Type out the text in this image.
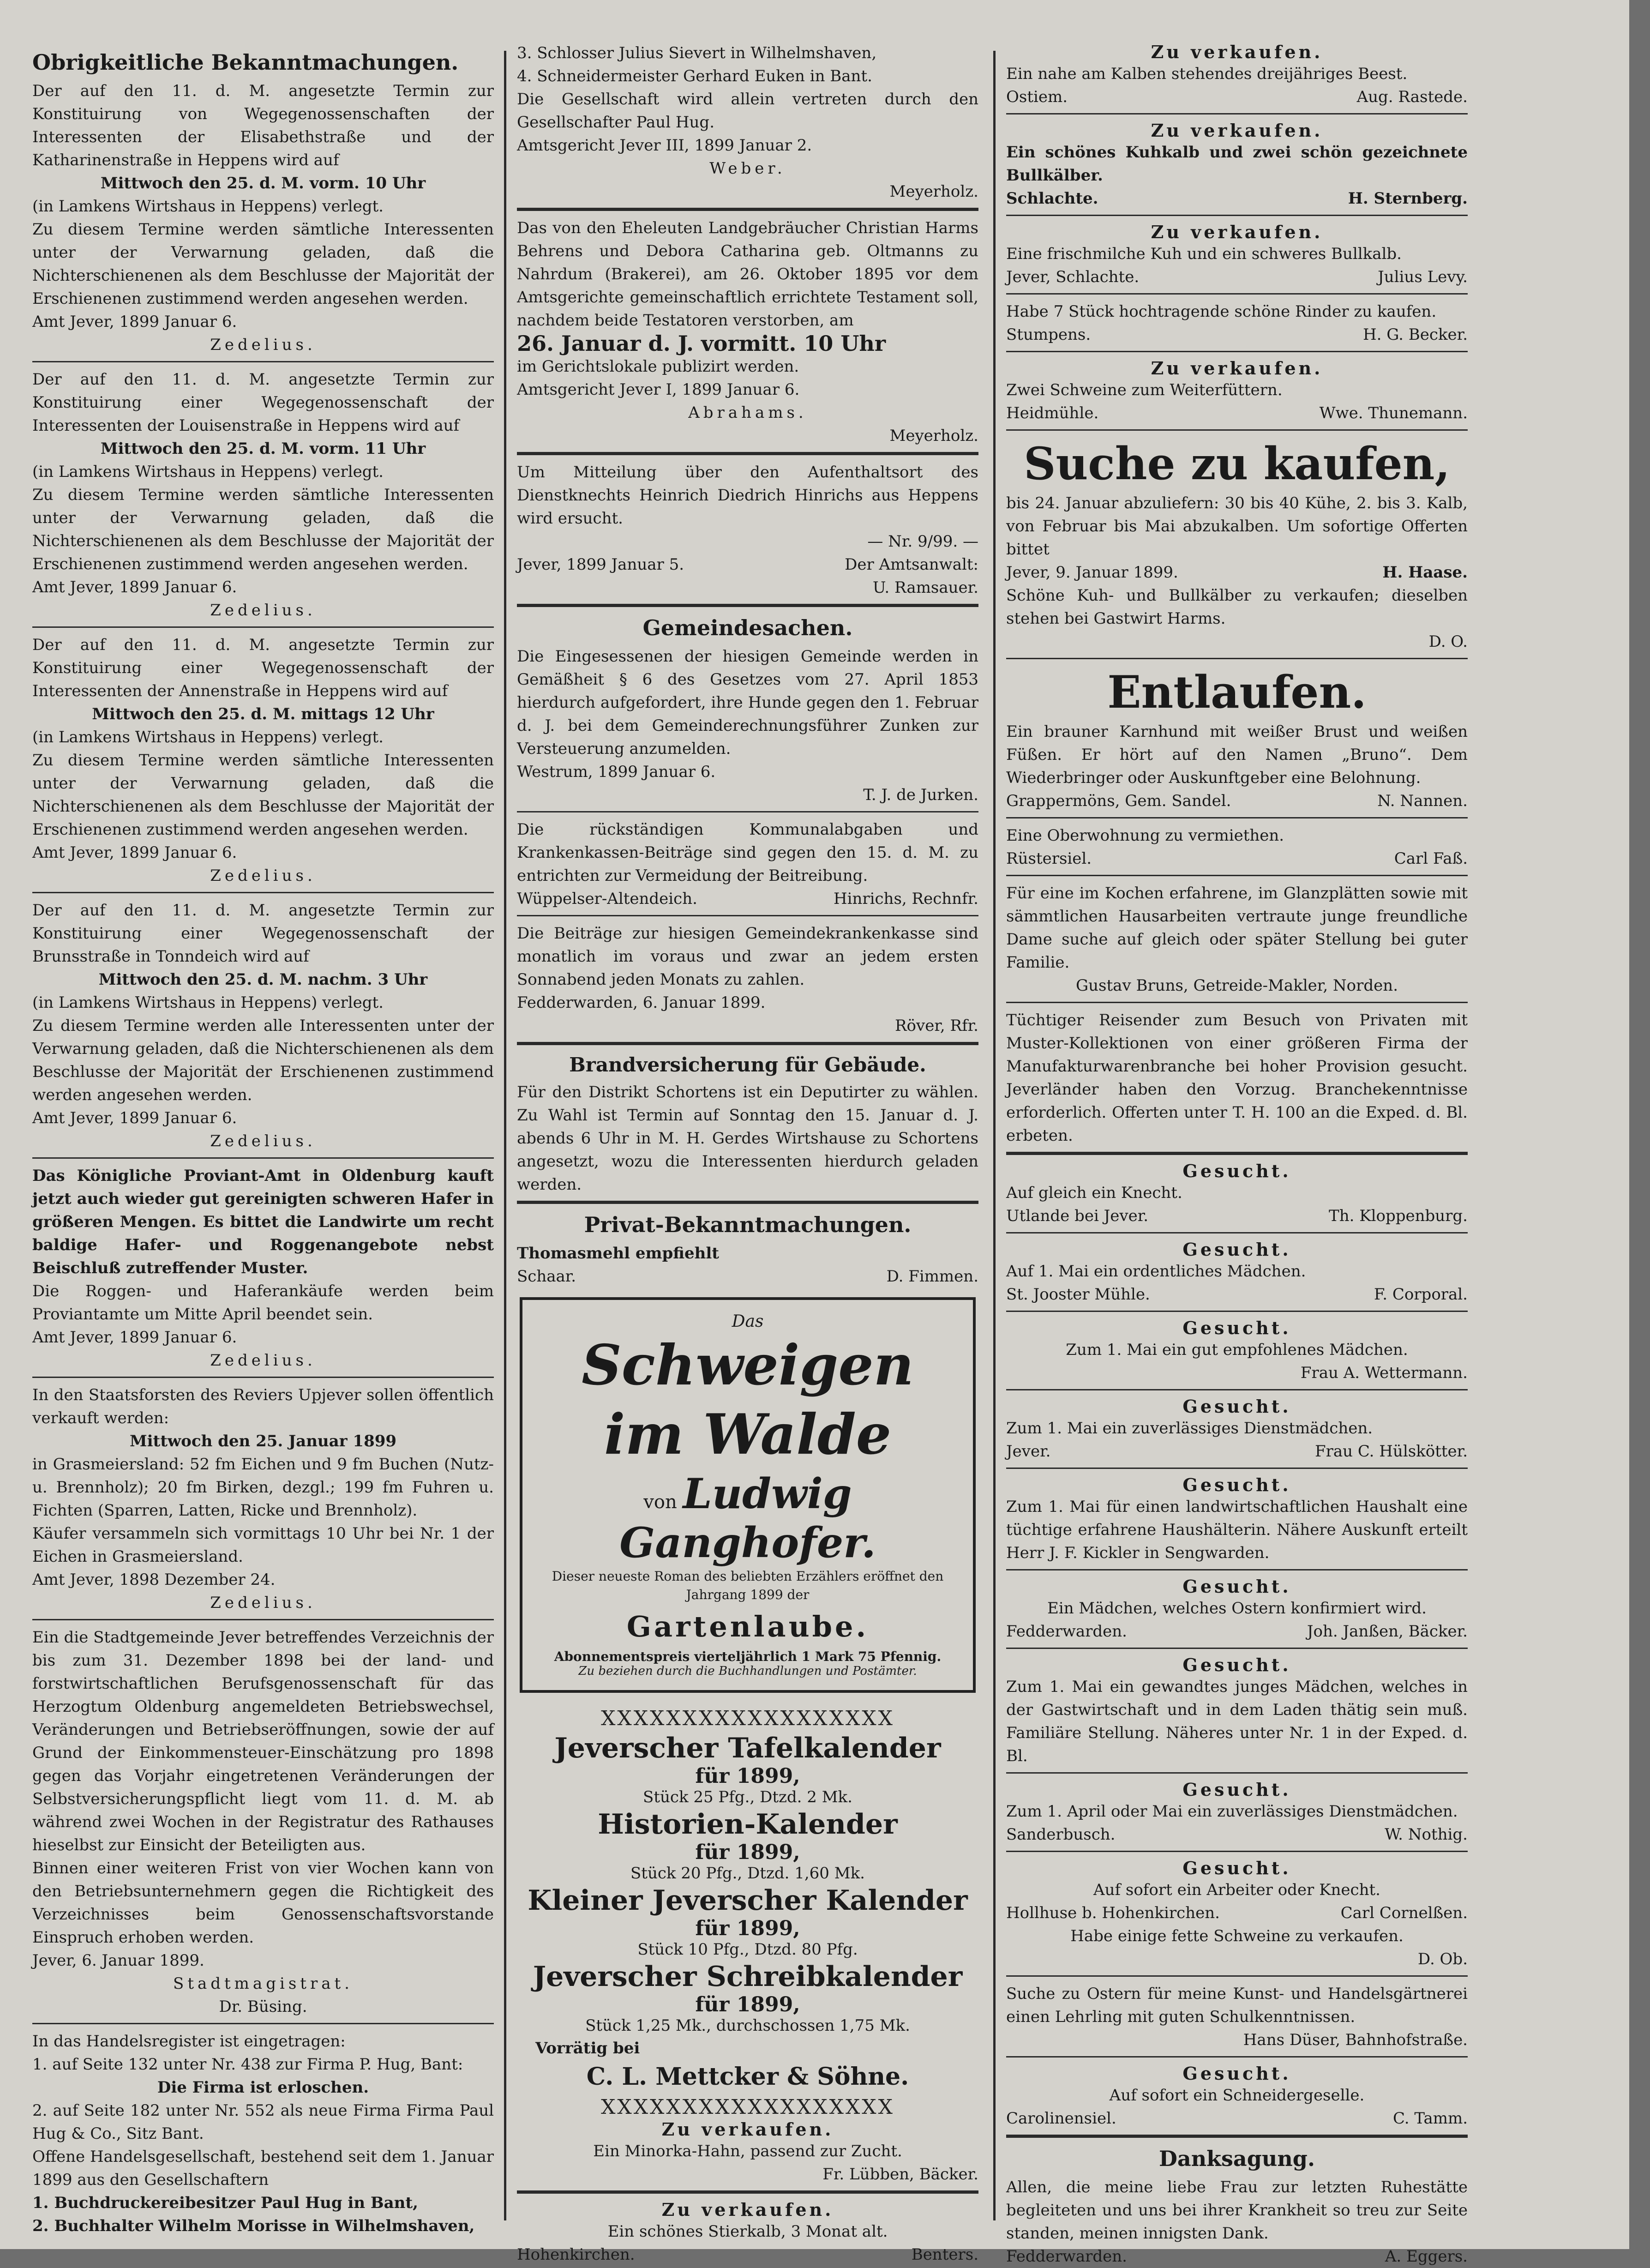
Obrigkeitliche Bekanntmachungen.

Der auf den 11. d. M. angesetzte Termin zur Konstituirung von Wegegenossenschaften der Interessenten der Elisabethstraße und der Katharinenstraße in Heppens wird auf

Mittwoch den 25. d. M. vorm. 10 Uhr

(in Lamkens Wirtshaus in Heppens) verlegt.

Zu diesem Termine werden sämtliche Interessenten unter der Verwarnung geladen, daß die Nichterschienenen als dem Beschlusse der Majorität der Erschienenen zustimmend werden angesehen werden.

Amt Jever, 1899 Januar 6.

Zedelius.

Der auf den 11. d. M. angesetzte Termin zur Konstituirung einer Wegegenossenschaft der Interessenten der Louisenstraße in Heppens wird auf

Mittwoch den 25. d. M. vorm. 11 Uhr

(in Lamkens Wirtshaus in Heppens) verlegt.

Zu diesem Termine werden sämtliche Interessenten unter der Verwarnung geladen, daß die Nichterschienenen als dem Beschlusse der Majorität der Erschienenen zustimmend werden angesehen werden.

Amt Jever, 1899 Januar 6.

Zedelius.

Der auf den 11. d. M. angesetzte Termin zur Konstituirung einer Wegegenossenschaft der Interessenten der Annenstraße in Heppens wird auf

Mittwoch den 25. d. M. mittags 12 Uhr

(in Lamkens Wirtshaus in Heppens) verlegt.

Zu diesem Termine werden sämtliche Interessenten unter der Verwarnung geladen, daß die Nichterschienenen als dem Beschlusse der Majorität der Erschienenen zustimmend werden angesehen werden.

Amt Jever, 1899 Januar 6.

Zedelius.

Der auf den 11. d. M. angesetzte Termin zur Konstituirung einer Wegegenossenschaft der Brunsstraße in Tonndeich wird auf

Mittwoch den 25. d. M. nachm. 3 Uhr

(in Lamkens Wirtshaus in Heppens) verlegt.

Zu diesem Termine werden alle Interessenten unter der Verwarnung geladen, daß die Nichterschienenen als dem Beschlusse der Majorität der Erschienenen zustimmend werden angesehen werden.

Amt Jever, 1899 Januar 6.

Zedelius.

Das Königliche Proviant-Amt in Oldenburg kauft jetzt auch wieder gut gereinigten schweren Hafer in größeren Mengen. Es bittet die Landwirte um recht baldige Hafer- und Roggenangebote nebst Beischluß zutreffender Muster.

Die Roggen- und Haferankäufe werden beim Proviantamte um Mitte April beendet sein.

Amt Jever, 1899 Januar 6.

Zedelius.

In den Staatsforsten des Reviers Upjever sollen öffentlich verkauft werden:

Mittwoch den 25. Januar 1899

in Grasmeiersland: 52 fm Eichen und 9 fm Buchen (Nutz- u. Brennholz); 20 fm Birken, dezgl.; 199 fm Fuhren u. Fichten (Sparren, Latten, Ricke und Brennholz).

Käufer versammeln sich vormittags 10 Uhr bei Nr. 1 der Eichen in Grasmeiersland.

Amt Jever, 1898 Dezember 24.

Zedelius.

Ein die Stadtgemeinde Jever betreffendes Verzeichnis der bis zum 31. Dezember 1898 bei der land- und forstwirtschaftlichen Berufsgenossenschaft für das Herzogtum Oldenburg angemeldeten Betriebswechsel, Veränderungen und Betriebseröffnungen, sowie der auf Grund der Einkommensteuer-Einschätzung pro 1898 gegen das Vorjahr eingetretenen Veränderungen der Selbstversicherungspflicht liegt vom 11. d. M. ab während zwei Wochen in der Registratur des Rathauses hieselbst zur Einsicht der Beteiligten aus.

Binnen einer weiteren Frist von vier Wochen kann von den Betriebsunternehmern gegen die Richtigkeit des Verzeichnisses beim Genossenschaftsvorstande Einspruch erhoben werden.

Jever, 6. Januar 1899.

Stadtmagistrat.

Dr. Büsing.

In das Handelsregister ist eingetragen:

1. auf Seite 132 unter Nr. 438 zur Firma P. Hug, Bant:

Die Firma ist erloschen.

2. auf Seite 182 unter Nr. 552 als neue Firma Firma Paul Hug & Co., Sitz Bant.

Offene Handelsgesellschaft, bestehend seit dem 1. Januar 1899 aus den Gesellschaftern

1. Buchdruckereibesitzer Paul Hug in Bant,

2. Buchhalter Wilhelm Morisse in Wilhelmshaven,

3. Schlosser Julius Sievert in Wilhelmshaven,

4. Schneidermeister Gerhard Euken in Bant.

Die Gesellschaft wird allein vertreten durch den Gesellschafter Paul Hug.

Amtsgericht Jever III, 1899 Januar 2.

Weber.

Meyerholz.

Das von den Eheleuten Landgebräucher Christian Harms Behrens und Debora Catharina geb. Oltmanns zu Nahrdum (Brakerei), am 26. Oktober 1895 vor dem Amtsgerichte gemeinschaftlich errichtete Testament soll, nachdem beide Testatoren verstorben, am

26. Januar d. J. vormitt. 10 Uhr

im Gerichtslokale publizirt werden.

Amtsgericht Jever I, 1899 Januar 6.

Abrahams.

Meyerholz.

Um Mitteilung über den Aufenthaltsort des Dienstknechts Heinrich Diedrich Hinrichs aus Heppens wird ersucht.

— Nr. 9/99. —

Jever, 1899 Januar 5.	Der Amtsanwalt:

U. Ramsauer.

Gemeindesachen.

Die Eingesessenen der hiesigen Gemeinde werden in Gemäßheit § 6 des Gesetzes vom 27. April 1853 hierdurch aufgefordert, ihre Hunde gegen den 1. Februar d. J. bei dem Gemeinderechnungsführer Zunken zur Versteuerung anzumelden.

Westrum, 1899 Januar 6.

T. J. de Jurken.

Die rückständigen Kommunalabgaben und Krankenkassen-Beiträge sind gegen den 15. d. M. zu entrichten zur Vermeidung der Beitreibung.

Wüppelser-Altendeich.	Hinrichs, Rechnfr.

Die Beiträge zur hiesigen Gemeindekrankenkasse sind monatlich im voraus und zwar an jedem ersten Sonnabend jeden Monats zu zahlen.

Fedderwarden, 6. Januar 1899.

Röver, Rfr.

Brandversicherung für Gebäude.

Für den Distrikt Schortens ist ein Deputirter zu wählen. Zu Wahl ist Termin auf Sonntag den 15. Januar d. J. abends 6 Uhr in M. H. Gerdes Wirtshause zu Schortens angesetzt, wozu die Interessenten hierdurch geladen werden.

Privat-Bekanntmachungen.

Thomasmehl empfiehlt

Schaar.	D. Fimmen.
Das
Schweigen im Walde
von Ludwig Ganghofer.
Dieser neueste Roman des beliebten Erzählers eröffnet den Jahrgang 1899 der
Gartenlaube.
Abonnementspreis vierteljährlich 1 Mark 75 Pfennig.
Zu beziehen durch die Buchhandlungen und Postämter.
XXXXXXXXXXXXXXXXXX
Jeverscher Tafelkalender
für 1899,
Stück 25 Pfg., Dtzd. 2 Mk.
Historien-Kalender
für 1899,
Stück 20 Pfg., Dtzd. 1,60 Mk.
Kleiner Jeverscher Kalender
für 1899,
Stück 10 Pfg., Dtzd. 80 Pfg.
Jeverscher Schreibkalender
für 1899,
Stück 1,25 Mk., durchschossen 1,75 Mk.

Vorrätig bei

C. L. Mettcker & Söhne.
XXXXXXXXXXXXXXXXXX
Zu verkaufen.

Ein Minorka-Hahn, passend zur Zucht.

Fr. Lübben, Bäcker.

Zu verkaufen.

Ein schönes Stierkalb, 3 Monat alt.

Hohenkirchen.	Benters.
Zu verkaufen.

Ein nahe am Kalben stehendes dreijähriges Beest.

Ostiem.	Aug. Rastede.
Zu verkaufen.

Ein schönes Kuhkalb und zwei schön gezeichnete Bullkälber.

Schlachte.	H. Sternberg.
Zu verkaufen.

Eine frischmilche Kuh und ein schweres Bullkalb.

Jever, Schlachte.	Julius Levy.

Habe 7 Stück hochtragende schöne Rinder zu kaufen.

Stumpens.	H. G. Becker.
Zu verkaufen.

Zwei Schweine zum Weiterfüttern.

Heidmühle.	Wwe. Thunemann.
Suche zu kaufen,

bis 24. Januar abzuliefern: 30 bis 40 Kühe, 2. bis 3. Kalb, von Februar bis Mai abzukalben. Um sofortige Offerten bittet

Jever, 9. Januar 1899.	H. Haase.

Schöne Kuh- und Bullkälber zu verkaufen; dieselben stehen bei Gastwirt Harms.

D. O.

Entlaufen.

Ein brauner Karnhund mit weißer Brust und weißen Füßen. Er hört auf den Namen „Bruno“. Dem Wiederbringer oder Auskunftgeber eine Belohnung.

Grappermöns, Gem. Sandel.	N. Nannen.

Eine Oberwohnung zu vermiethen.

Rüstersiel.	Carl Faß.

Für eine im Kochen erfahrene, im Glanzplätten sowie mit sämmtlichen Hausarbeiten vertraute junge freundliche Dame suche auf gleich oder später Stellung bei guter Familie.

Gustav Bruns, Getreide-Makler, Norden.

Tüchtiger Reisender zum Besuch von Privaten mit Muster-Kollektionen von einer größeren Firma der Manufakturwarenbranche bei hoher Provision gesucht. Jeverländer haben den Vorzug. Branchekenntnisse erforderlich. Offerten unter T. H. 100 an die Exped. d. Bl. erbeten.

Gesucht.

Auf gleich ein Knecht.

Utlande bei Jever.	Th. Kloppenburg.
Gesucht.

Auf 1. Mai ein ordentliches Mädchen.

St. Jooster Mühle.	F. Corporal.
Gesucht.

Zum 1. Mai ein gut empfohlenes Mädchen.

Frau A. Wettermann.

Gesucht.

Zum 1. Mai ein zuverlässiges Dienstmädchen.

Jever.	Frau C. Hülskötter.
Gesucht.

Zum 1. Mai für einen landwirtschaftlichen Haushalt eine tüchtige erfahrene Haushälterin. Nähere Auskunft erteilt Herr J. F. Kickler in Sengwarden.

Gesucht.

Ein Mädchen, welches Ostern konfirmiert wird.

Fedderwarden.	Joh. Janßen, Bäcker.
Gesucht.

Zum 1. Mai ein gewandtes junges Mädchen, welches in der Gastwirtschaft und in dem Laden thätig sein muß. Familiäre Stellung. Näheres unter Nr. 1 in der Exped. d. Bl.

Gesucht.

Zum 1. April oder Mai ein zuverlässiges Dienstmädchen.

Sanderbusch.	W. Nothig.
Gesucht.

Auf sofort ein Arbeiter oder Knecht.

Hollhuse b. Hohenkirchen.	Carl Cornelßen.

Habe einige fette Schweine zu verkaufen.

D. Ob.

Suche zu Ostern für meine Kunst- und Handelsgärtnerei einen Lehrling mit guten Schulkenntnissen.

Hans Düser, Bahnhofstraße.

Gesucht.

Auf sofort ein Schneidergeselle.

Carolinensiel.	C. Tamm.
Danksagung.

Allen, die meine liebe Frau zur letzten Ruhestätte begleiteten und uns bei ihrer Krankheit so treu zur Seite standen, meinen innigsten Dank.

Fedderwarden.	A. Eggers.
